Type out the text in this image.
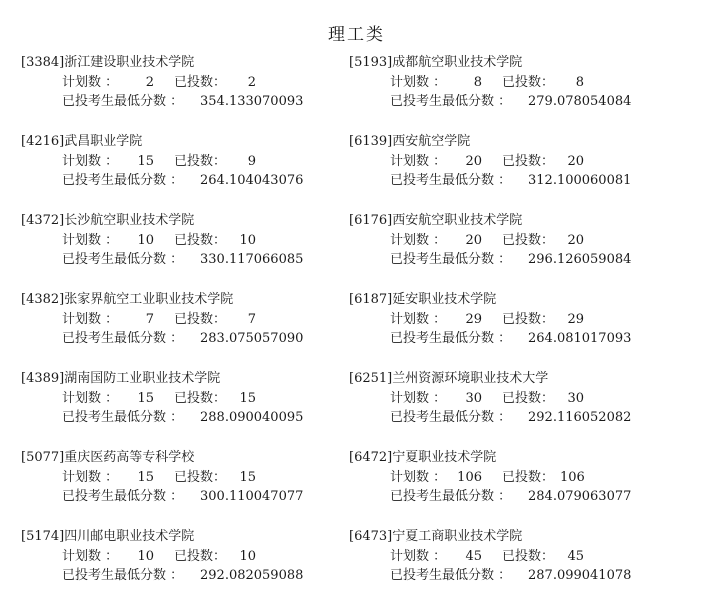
理工类
[3384]浙江建设职业技术学院
计划数 ： 2 已投数： 2
已投考生最低分数 ： 354.133070093
[4216]武昌职业学院
计划数 ： 15 已投数： 9
已投考生最低分数 ： 264.104043076
[4372]长沙航空职业技术学院
计划数 ： 10 已投数： 10
已投考生最低分数 ： 330.117066085
[4382]张家界航空工业职业技术学院
计划数 ： 7 已投数： 7
已投考生最低分数 ： 283.075057090
[4389]湖南国防工业职业技术学院
计划数 ： 15 已投数： 15
已投考生最低分数 ： 288.090040095
[5077]重庆医药高等专科学校
计划数 ： 15 已投数： 15
已投考生最低分数 ： 300.110047077
[5174]四川邮电职业技术学院
计划数 ： 10 已投数： 10
已投考生最低分数 ： 292.082059088
[5193]成都航空职业技术学院
计划数 ： 8 已投数： 8
已投考生最低分数 ： 279.078054084
[6139]西安航空学院
计划数 ： 20 已投数： 20
已投考生最低分数 ： 312.100060081
[6176]西安航空职业技术学院
计划数 ： 20 已投数： 20
已投考生最低分数 ： 296.126059084
[6187]延安职业技术学院
计划数 ： 29 已投数： 29
已投考生最低分数 ： 264.081017093
[6251]兰州资源环境职业技术大学
计划数 ： 30 已投数： 30
已投考生最低分数 ： 292.116052082
[6472]宁夏职业技术学院
计划数 ： 106 已投数： 106
已投考生最低分数 ： 284.079063077
[6473]宁夏工商职业技术学院
计划数 ： 45 已投数： 45
已投考生最低分数 ： 287.099041078
